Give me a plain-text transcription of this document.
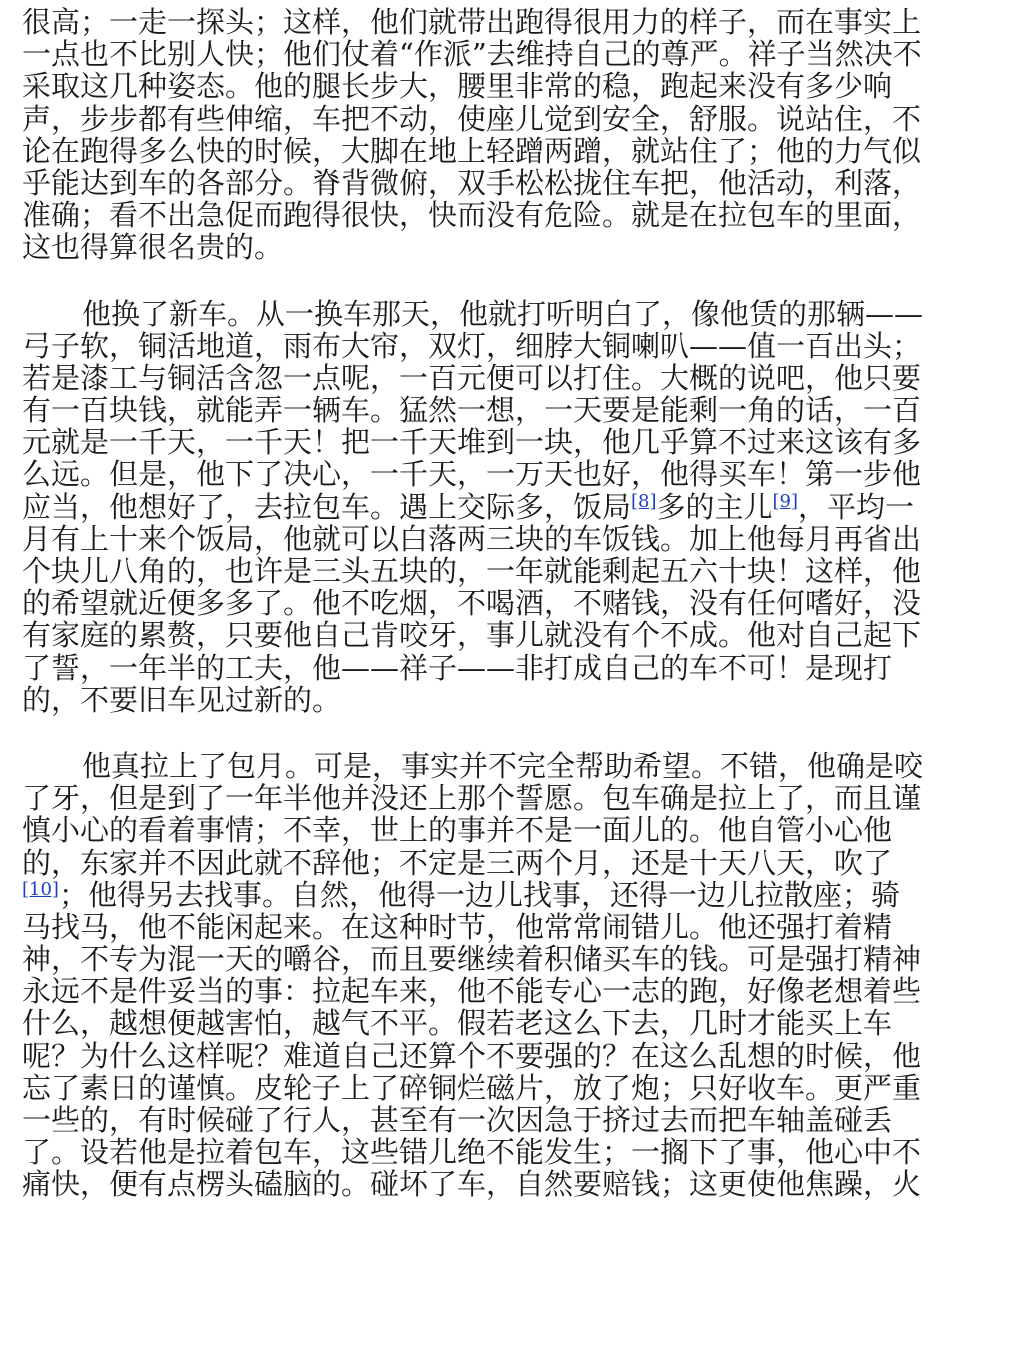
很高；一走一探头；这样，他们就带出跑得很用力的样子，而在事实上
一点也不比别人快；他们仗着“作派”去维持自己的尊严。祥子当然决不
采取这几种姿态。他的腿长步大，腰里非常的稳，跑起来没有多少响
声，步步都有些伸缩，车把不动，使座儿觉到安全，舒服。说站住，不
论在跑得多么快的时候，大脚在地上轻蹭两蹭，就站住了；他的力气似
乎能达到车的各部分。脊背微俯，双手松松拢住车把，他活动，利落，
准确；看不出急促而跑得很快，快而没有危险。就是在拉包车的里面，
这也得算很名贵的。
他换了新车。从一换车那天，他就打听明白了，像他赁的那辆——
弓子软，铜活地道，雨布大帘，双灯，细脖大铜喇叭——值一百出头；
若是漆工与铜活含忽一点呢，一百元便可以打住。大概的说吧，他只要
有一百块钱，就能弄一辆车。猛然一想，一天要是能剩一角的话，一百
元就是一千天，一千天！把一千天堆到一块，他几乎算不过来这该有多
么远。但是，他下了决心，一千天，一万天也好，他得买车！第一步他
应当，他想好了，去拉包车。遇上交际多，饭局[8]多的主儿[9]，平均一
月有上十来个饭局，他就可以白落两三块的车饭钱。加上他每月再省出
个块儿八角的，也许是三头五块的，一年就能剩起五六十块！这样，他
的希望就近便多多了。他不吃烟，不喝酒，不赌钱，没有任何嗜好，没
有家庭的累赘，只要他自己肯咬牙，事儿就没有个不成。他对自己起下
了誓，一年半的工夫，他——祥子——非打成自己的车不可！是现打
的，不要旧车见过新的。
他真拉上了包月。可是，事实并不完全帮助希望。不错，他确是咬
了牙，但是到了一年半他并没还上那个誓愿。包车确是拉上了，而且谨
慎小心的看着事情；不幸，世上的事并不是一面儿的。他自管小心他
的，东家并不因此就不辞他；不定是三两个月，还是十天八天，吹了
[10]；他得另去找事。自然，他得一边儿找事，还得一边儿拉散座；骑
马找马，他不能闲起来。在这种时节，他常常闹错儿。他还强打着精
神，不专为混一天的嚼谷，而且要继续着积储买车的钱。可是强打精神
永远不是件妥当的事：拉起车来，他不能专心一志的跑，好像老想着些
什么，越想便越害怕，越气不平。假若老这么下去，几时才能买上车
呢？为什么这样呢？难道自己还算个不要强的？在这么乱想的时候，他
忘了素日的谨慎。皮轮子上了碎铜烂磁片，放了炮；只好收车。更严重
一些的，有时候碰了行人，甚至有一次因急于挤过去而把车轴盖碰丢
了。设若他是拉着包车，这些错儿绝不能发生；一搁下了事，他心中不
痛快，便有点楞头磕脑的。碰坏了车，自然要赔钱；这更使他焦躁，火
